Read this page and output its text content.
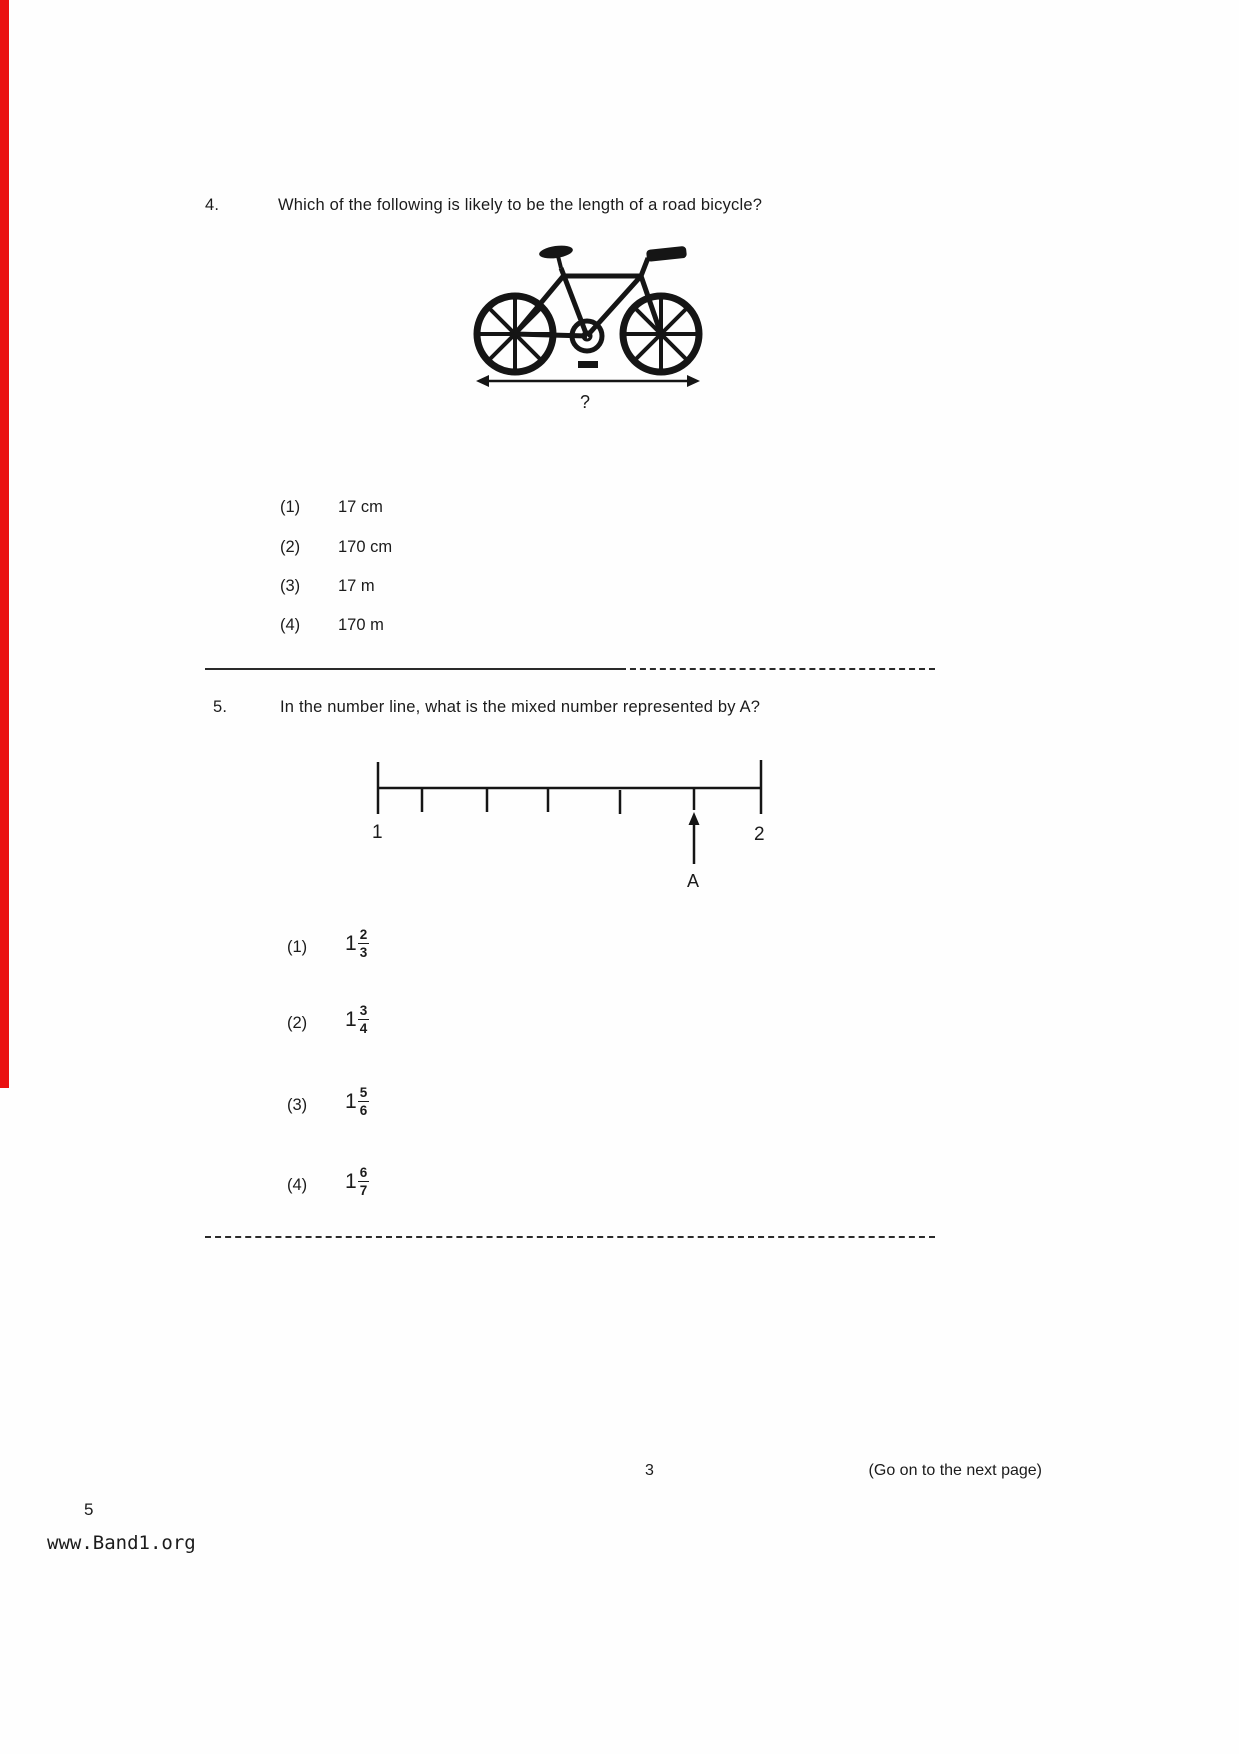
4.	Which of the following is likely to be the length of a road bicycle?
?
(1) 17 cm
(2) 170 cm
(3) 17 m
(4) 170 m
5.	In the number line, what is the mixed number represented by A?
1	2
A
(1) $1 \frac{2}{3}$
(2) $1 \frac{3}{4}$
(3) $1 \frac{5}{6}$
(4) $1 \frac{6}{7}$
3	(Go on to the next page)
5
www.Band1.org
